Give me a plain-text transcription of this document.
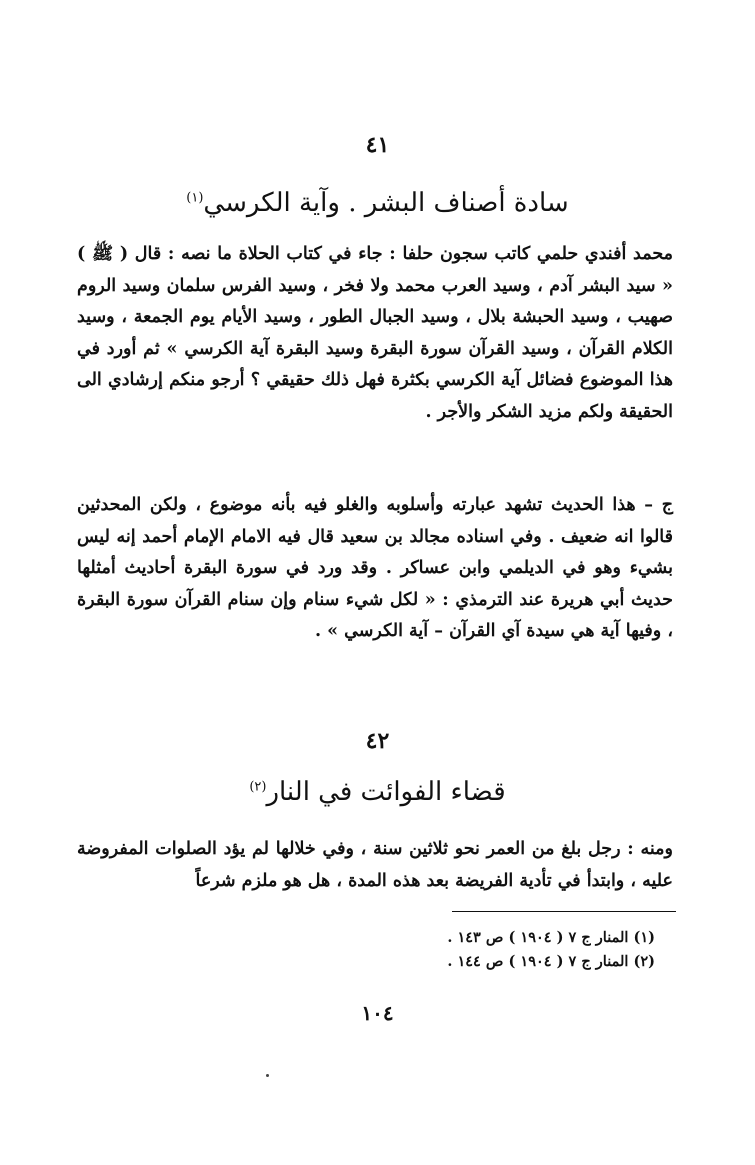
٤١
سادة أصناف البشر . وآية الكرسي$^{(١)}$

محمد أفندي حلمي كاتب سجون حلفا : جاء في كتاب الحلاة ما نصه : قال ( ﷺ ) « سيد البشر آدم ، وسيد العرب محمد ولا فخر ، وسيد الفرس سلمان وسيد الروم صهيب ، وسيد الحبشة بلال ، وسيد الجبال الطور ، وسيد الأيام يوم الجمعة ، وسيد الكلام القرآن ، وسيد القرآن سورة البقرة وسيد البقرة آية الكرسي » ثم أورد في هذا الموضوع فضائل آية الكرسي بكثرة فهل ذلك حقيقي ؟ أرجو منكم إرشادي الى الحقيقة ولكم مزيد الشكر والأجر .

ج – هذا الحديث تشهد عبارته وأسلوبه والغلو فيه بأنه موضوع ، ولكن المحدثين قالوا انه ضعيف . وفي اسناده مجالد بن سعيد قال فيه الامام الإمام أحمد إنه ليس بشيء وهو في الديلمي وابن عساكر . وقد ورد في سورة البقرة أحاديث أمثلها حديث أبي هريرة عند الترمذي : « لكل شيء سنام وإن سنام القرآن سورة البقرة ، وفيها آية هي سيدة آي القرآن – آية الكرسي » .

٤٢
قضاء الفوائت في النار$^{(٢)}$

ومنه : رجل بلغ من العمر نحو ثلاثين سنة ، وفي خلالها لم يؤد الصلوات المفروضة عليه ، وابتدأ في تأدية الفريضة بعد هذه المدة ، هل هو ملزم شرعاً

(١) المنار ج ٧ ( ١٩٠٤ ) ص ١٤٣ .
(٢) المنار ج ٧ ( ١٩٠٤ ) ص ١٤٤ .
١٠٤
